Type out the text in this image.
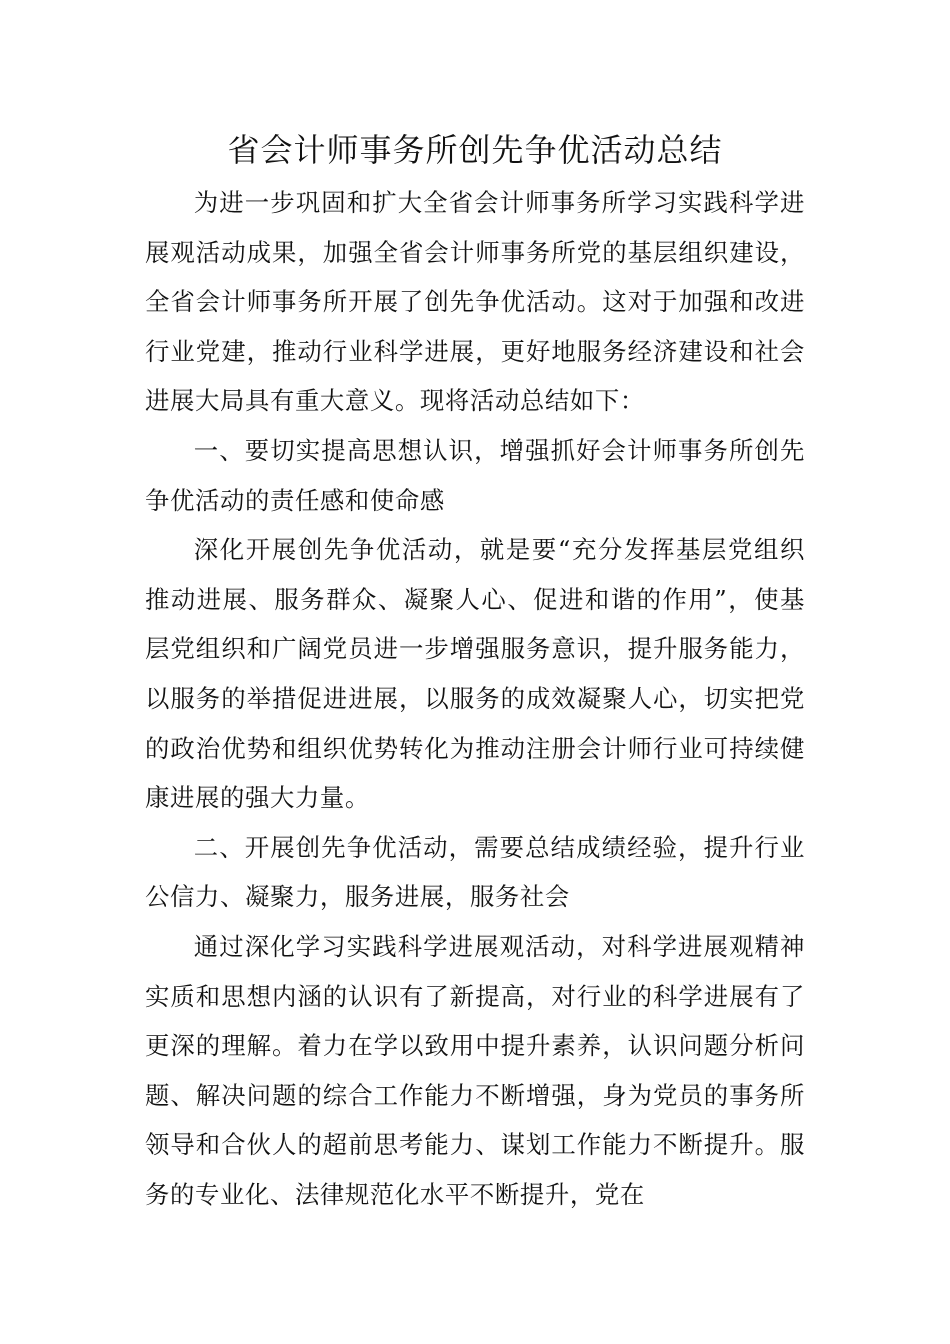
省会计师事务所创先争优活动总结

为进一步巩固和扩大全省会计师事务所学习实践科学进展观活动成果，加强全省会计师事务所党的基层组织建设，全省会计师事务所开展了创先争优活动。这对于加强和改进行业党建，推动行业科学进展，更好地服务经济建设和社会进展大局具有重大意义。现将活动总结如下：

一、要切实提高思想认识，增强抓好会计师事务所创先争优活动的责任感和使命感

深化开展创先争优活动，就是要“充分发挥基层党组织推动进展、服务群众、凝聚人心、促进和谐的作用”，使基层党组织和广阔党员进一步增强服务意识，提升服务能力，以服务的举措促进进展，以服务的成效凝聚人心，切实把党的政治优势和组织优势转化为推动注册会计师行业可持续健康进展的强大力量。

二、开展创先争优活动，需要总结成绩经验，提升行业公信力、凝聚力，服务进展，服务社会

通过深化学习实践科学进展观活动，对科学进展观精神实质和思想内涵的认识有了新提高，对行业的科学进展有了更深的理解。着力在学以致用中提升素养，认识问题分析问题、解决问题的综合工作能力不断增强，身为党员的事务所领导和合伙人的超前思考能力、谋划工作能力不断提升。服务的专业化、法律规范化水平不断提升，党在
